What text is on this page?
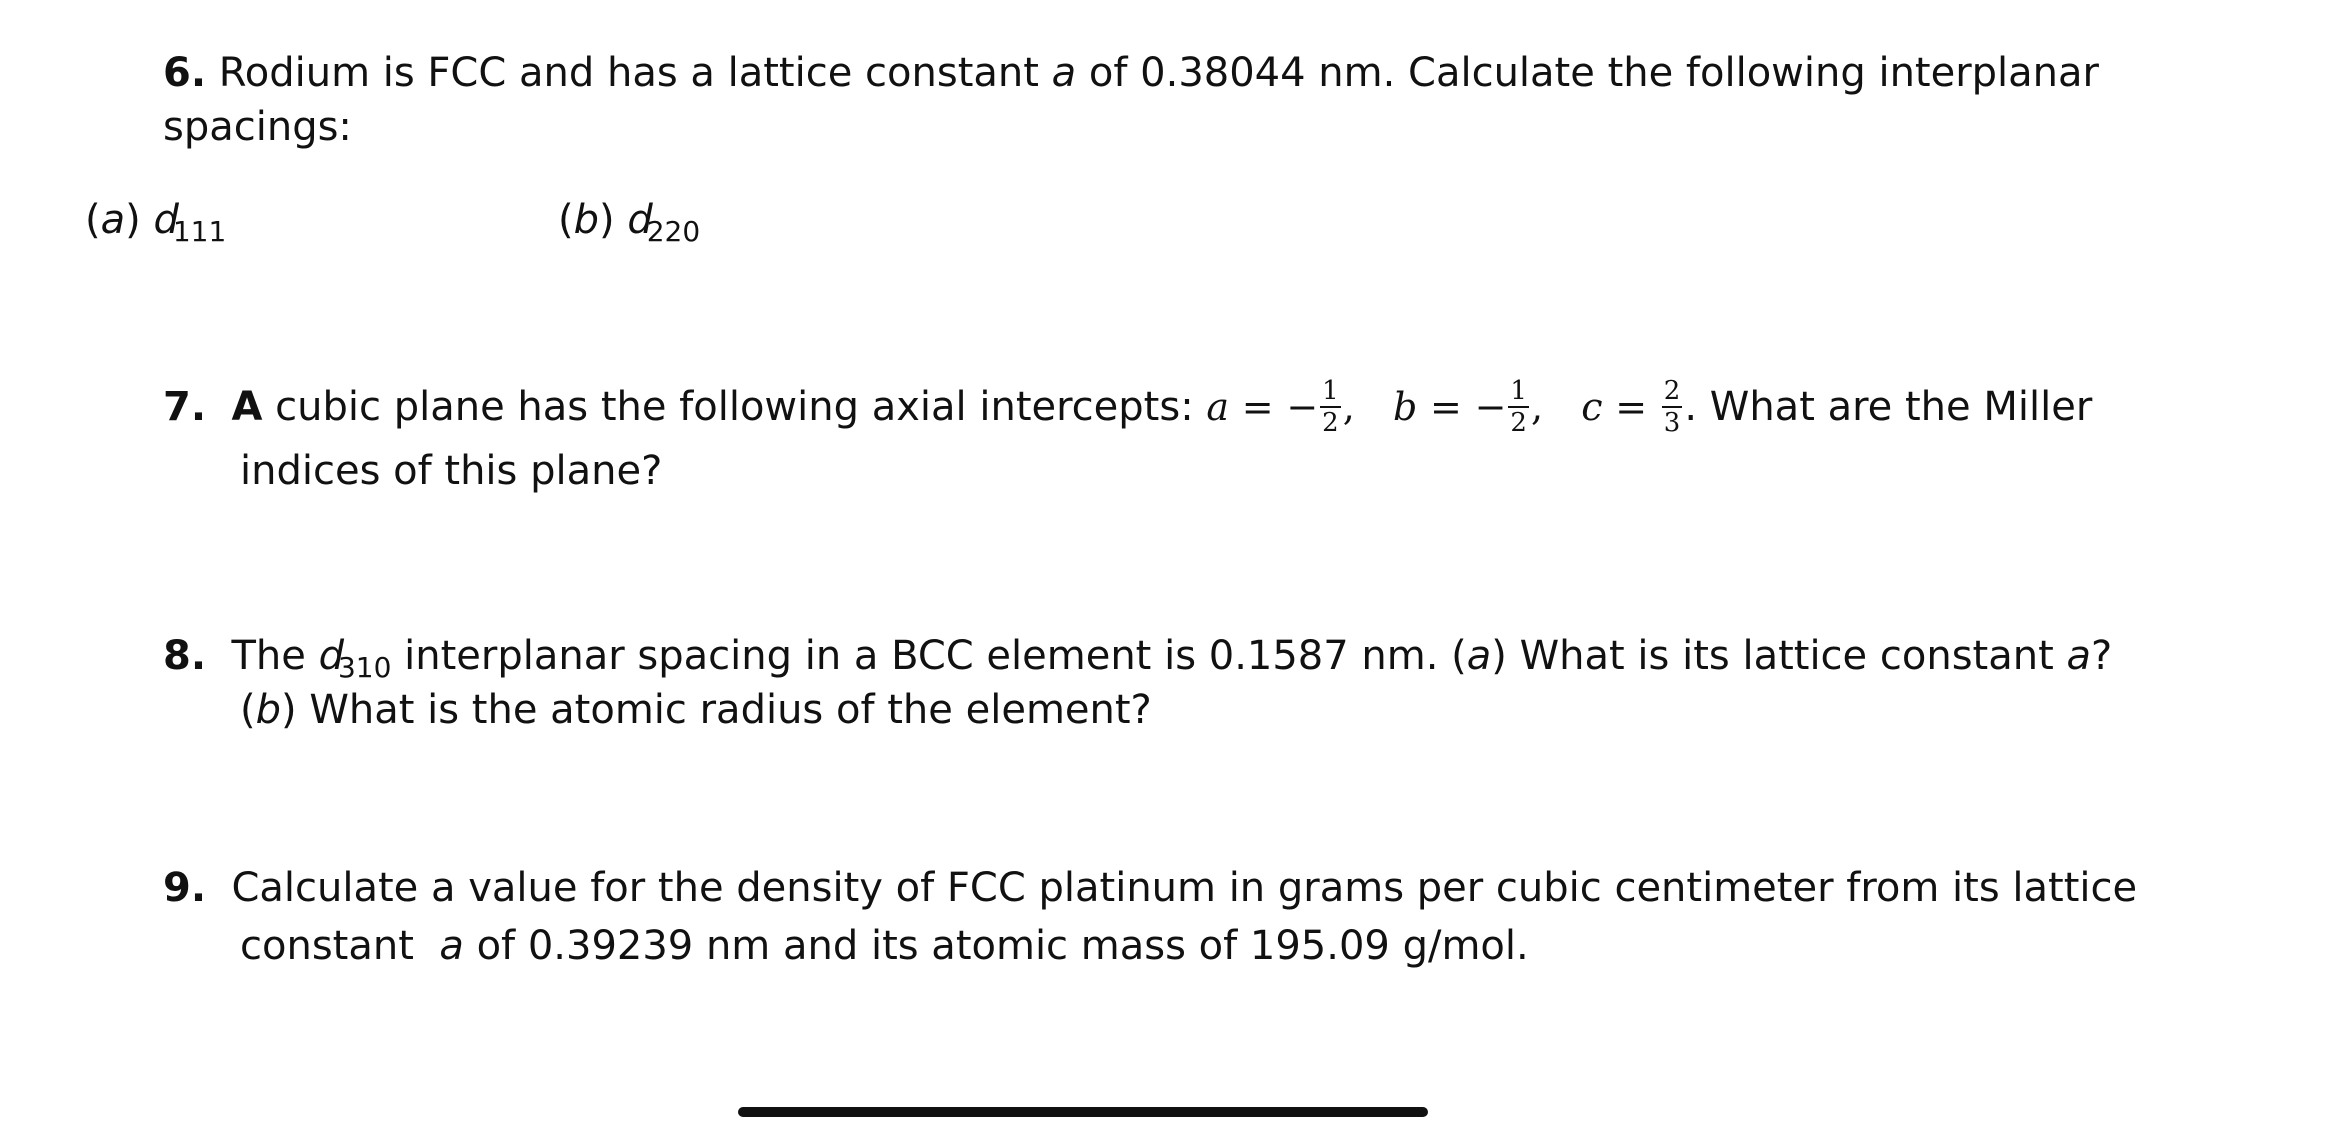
6. Rodium is FCC and has a lattice constant a of 0.38044 nm. Calculate the following interplanar
spacings:
(a) $d_{111}$	(b) $d_{220}$
7. A cubic plane has the following axial intercepts: a = − $\frac{1}{2}$ , b = − $\frac{1}{2}$ , $c = \frac{2}{3}$ . What are the Miller
indices of this plane?
8. The $d_{310}$ interplanar spacing in a BCC element is 0.1587 nm. (a) What is its lattice constant a?
(b) What is the atomic radius of the element?
9. Calculate a value for the density of FCC platinum in grams per cubic centimeter from its lattice
constant a of 0.39239 nm and its atomic mass of 195.09 g/mol.
